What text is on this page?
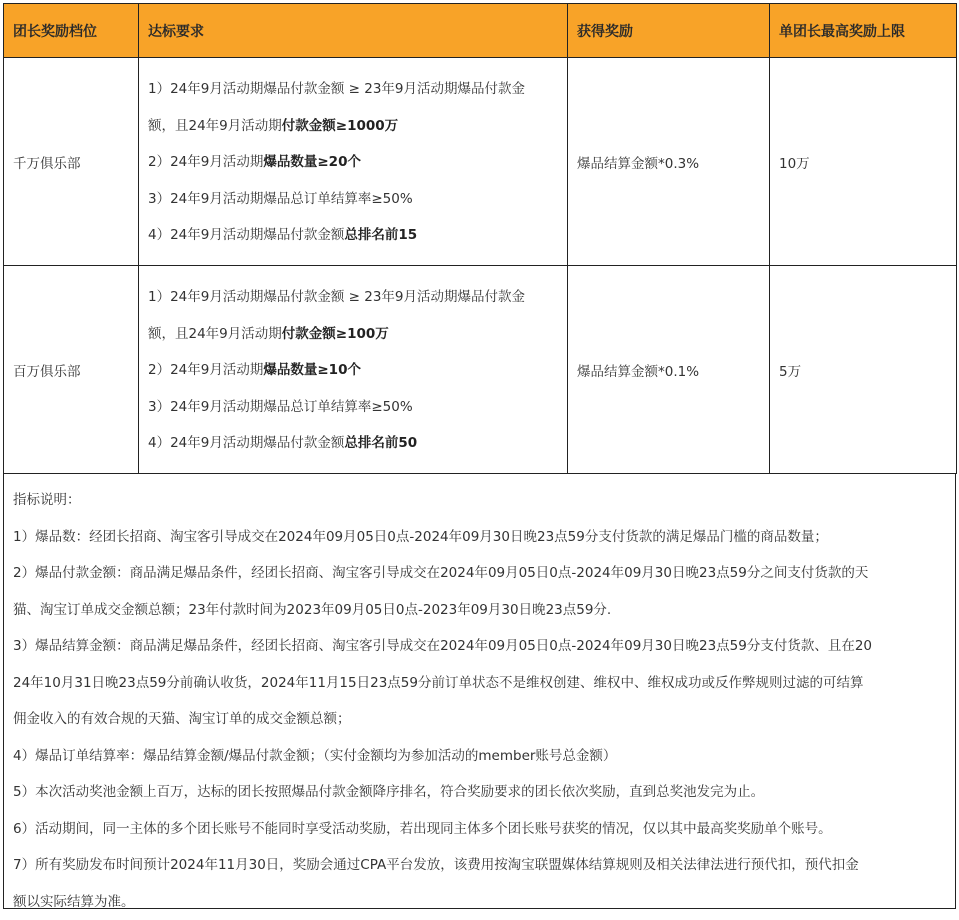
团长奖励档位	达标要求	获得奖励	单团长最高奖励上限
千万俱乐部	1）24年9月活动期爆品付款金额 ≥ 23年9月活动期爆品付款金

额，且24年9月活动期付款金额≥1000万

2）24年9月活动期爆品数量≥20个

3）24年9月活动期爆品总订单结算率≥50%

4）24年9月活动期爆品付款金额总排名前15	爆品结算金额*0.3%	10万
百万俱乐部	1）24年9月活动期爆品付款金额 ≥ 23年9月活动期爆品付款金

额，且24年9月活动期付款金额≥100万

2）24年9月活动期爆品数量≥10个

3）24年9月活动期爆品总订单结算率≥50%

4）24年9月活动期爆品付款金额总排名前50	爆品结算金额*0.1%	5万

指标说明：

1）爆品数：经团长招商、淘宝客引导成交在2024年09月05日0点-2024年09月30日晚23点59分支付货款的满足爆品门槛的商品数量；

2）爆品付款金额：商品满足爆品条件，经团长招商、淘宝客引导成交在2024年09月05日0点-2024年09月30日晚23点59分之间支付货款的天

猫、淘宝订单成交金额总额；23年付款时间为2023年09月05日0点-2023年09月30日晚23点59分.

3）爆品结算金额：商品满足爆品条件，经团长招商、淘宝客引导成交在2024年09月05日0点-2024年09月30日晚23点59分支付货款、且在20

24年10月31日晚23点59分前确认收货，2024年11月15日23点59分前订单状态不是维权创建、维权中、维权成功或反作弊规则过滤的可结算

佣金收入的有效合规的天猫、淘宝订单的成交金额总额；

4）爆品订单结算率：爆品结算金额/爆品付款金额；（实付金额均为参加活动的member账号总金额）

5）本次活动奖池金额上百万，达标的团长按照爆品付款金额降序排名，符合奖励要求的团长依次奖励，直到总奖池发完为止。

6）活动期间，同一主体的多个团长账号不能同时享受活动奖励，若出现同主体多个团长账号获奖的情况，仅以其中最高奖奖励单个账号。

7）所有奖励发布时间预计2024年11月30日，奖励会通过CPA平台发放，该费用按淘宝联盟媒体结算规则及相关法律法进行预代扣，预代扣金

额以实际结算为准。
